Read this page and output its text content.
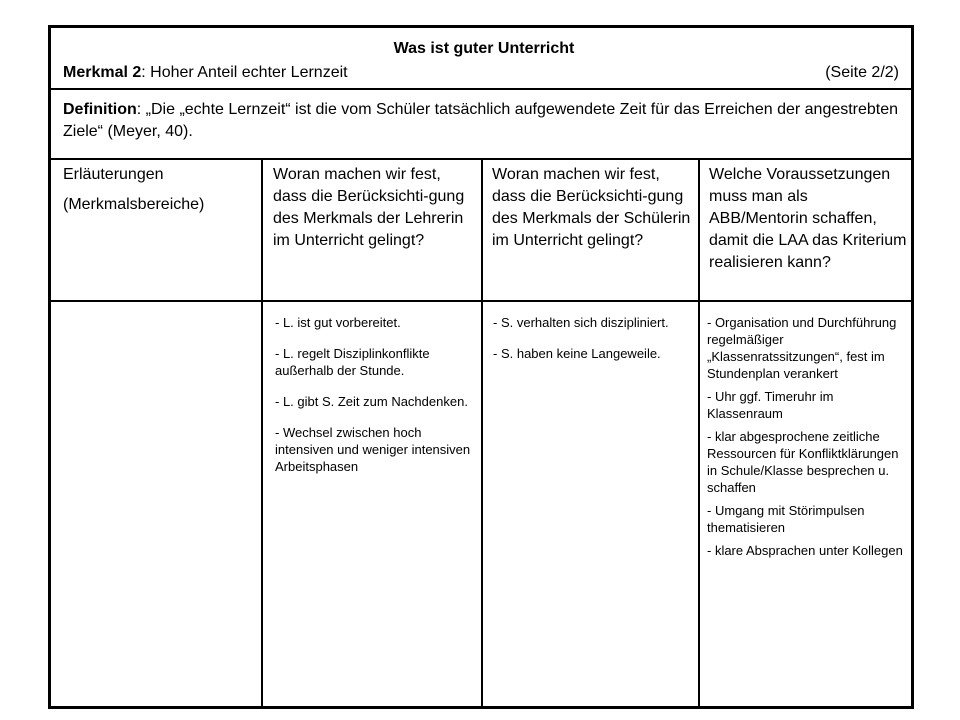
Was ist guter Unterricht
Merkmal 2: Hoher Anteil echter Lernzeit	(Seite 2/2)
Definition: „Die „echte Lernzeit“ ist die vom Schüler tatsächlich aufgewendete Zeit für das Erreichen der angestrebten Ziele“ (Meyer, 40).
Erläuterungen
(Merkmalsbereiche)
Woran machen wir fest, dass die Berücksichti-gung des Merkmals der Lehrerin im Unterricht gelingt?
Woran machen wir fest, dass die Berücksichti-gung des Merkmals der Schülerin im Unterricht gelingt?
Welche Voraussetzungen muss man als ABB/Mentorin schaffen, damit die LAA das Kriterium realisieren kann?

- L. ist gut vorbereitet.

- L. regelt Disziplinkonflikte außerhalb der Stunde.

- L. gibt S. Zeit zum Nachdenken.

- Wechsel zwischen hoch intensiven und weniger intensiven Arbeitsphasen

- S. verhalten sich diszipliniert.

- S. haben keine Langeweile.

- Organisation und Durchführung regelmäßiger „Klassenratssitzungen“, fest im Stundenplan verankert

- Uhr ggf. Timeruhr im Klassenraum

- klar abgesprochene zeitliche Ressourcen für Konfliktklärungen in Schule/Klasse besprechen u. schaffen

- Umgang mit Störimpulsen thematisieren

- klare Absprachen unter Kollegen
